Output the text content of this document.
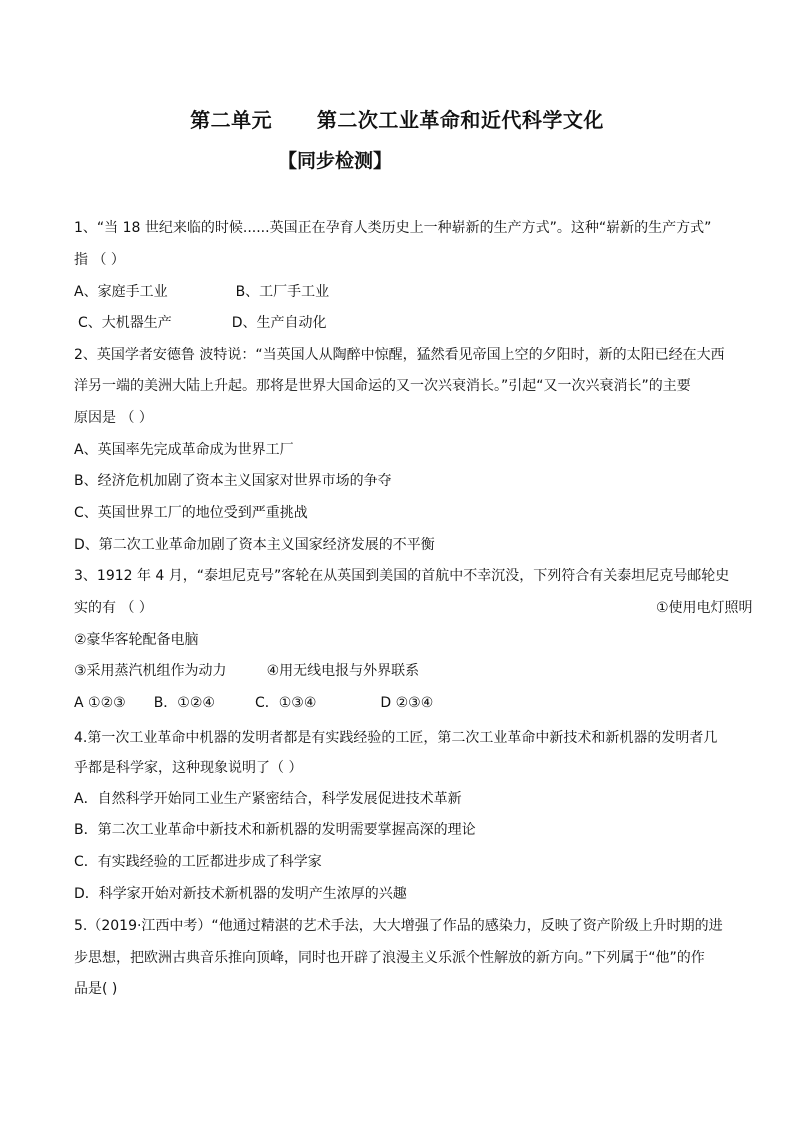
第二单元      第二次工业革命和近代科学文化
【同步检测】
1、“当 18 世纪来临的时候......英国正在孕育人类历史上一种崭新的生产方式”。这种“崭新的生产方式”
指 （ ）
A、家庭手工业	B、工厂手工业
C、大机器生产	D、生产自动化
2、英国学者安德鲁 波特说：“当英国人从陶醉中惊醒，猛然看见帝国上空的夕阳时，新的太阳已经在大西
洋另一端的美洲大陆上升起。那将是世界大国命运的又一次兴衰消长。”引起“又一次兴衰消长”的主要
原因是 （ ）
A、英国率先完成革命成为世界工厂
B、经济危机加剧了资本主义国家对世界市场的争夺
C、英国世界工厂的地位受到严重挑战
D、第二次工业革命加剧了资本主义国家经济发展的不平衡
3、1912 年 4 月，“泰坦尼克号”客轮在从英国到美国的首航中不幸沉没，下列符合有关泰坦尼克号邮轮史
实的有 （ ）	①使用电灯照明
②豪华客轮配备电脑
③采用蒸汽机组作为动力	④用无线电报与外界联系
A ①②③ B．①②④	C．①③④	D ②③④
4.第一次工业革命中机器的发明者都是有实践经验的工匠，第二次工业革命中新技术和新机器的发明者几
乎都是科学家，这种现象说明了（ ）
A．自然科学开始同工业生产紧密结合，科学发展促进技术革新
B．第二次工业革命中新技术和新机器的发明需要掌握高深的理论
C．有实践经验的工匠都进步成了科学家
D．科学家开始对新技术新机器的发明产生浓厚的兴趣
5.（2019·江西中考）“他通过精湛的艺术手法，大大增强了作品的感染力，反映了资产阶级上升时期的进
步思想，把欧洲古典音乐推向顶峰，同时也开辟了浪漫主义乐派个性解放的新方向。”下列属于“他”的作
品是( )
